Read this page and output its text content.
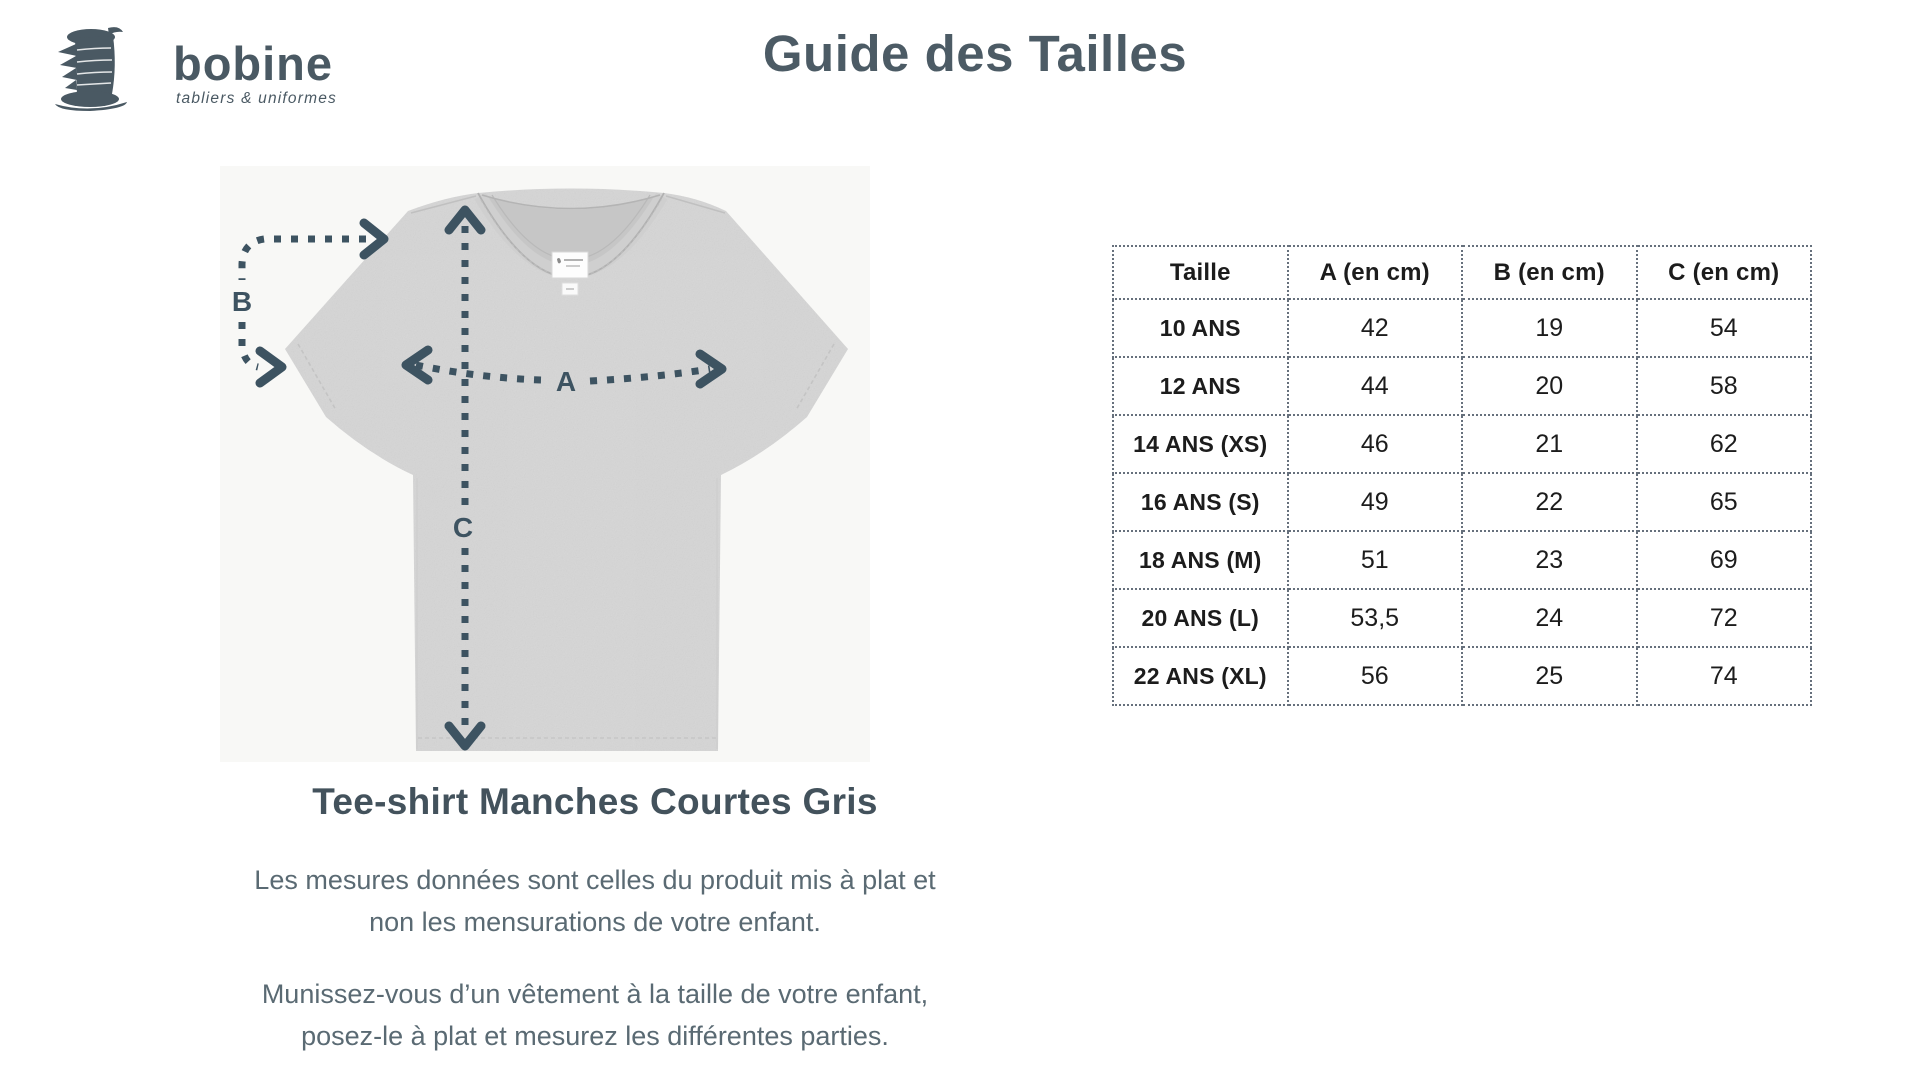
bobine
tabliers & uniformes
Guide des Tailles
B
A
C
Tee-shirt Manches Courtes Gris

Les mesures données sont celles du produit mis à plat et
non les mensurations de votre enfant.

Munissez-vous d’un vêtement à la taille de votre enfant,
posez-le à plat et mesurez les différentes parties.

Taille	A (en cm)	B (en cm)	C (en cm)
10 ANS	42	19	54
12 ANS	44	20	58
14 ANS (XS)	46	21	62
16 ANS (S)	49	22	65
18 ANS (M)	51	23	69
20 ANS (L)	53,5	24	72
22 ANS (XL)	56	25	74
